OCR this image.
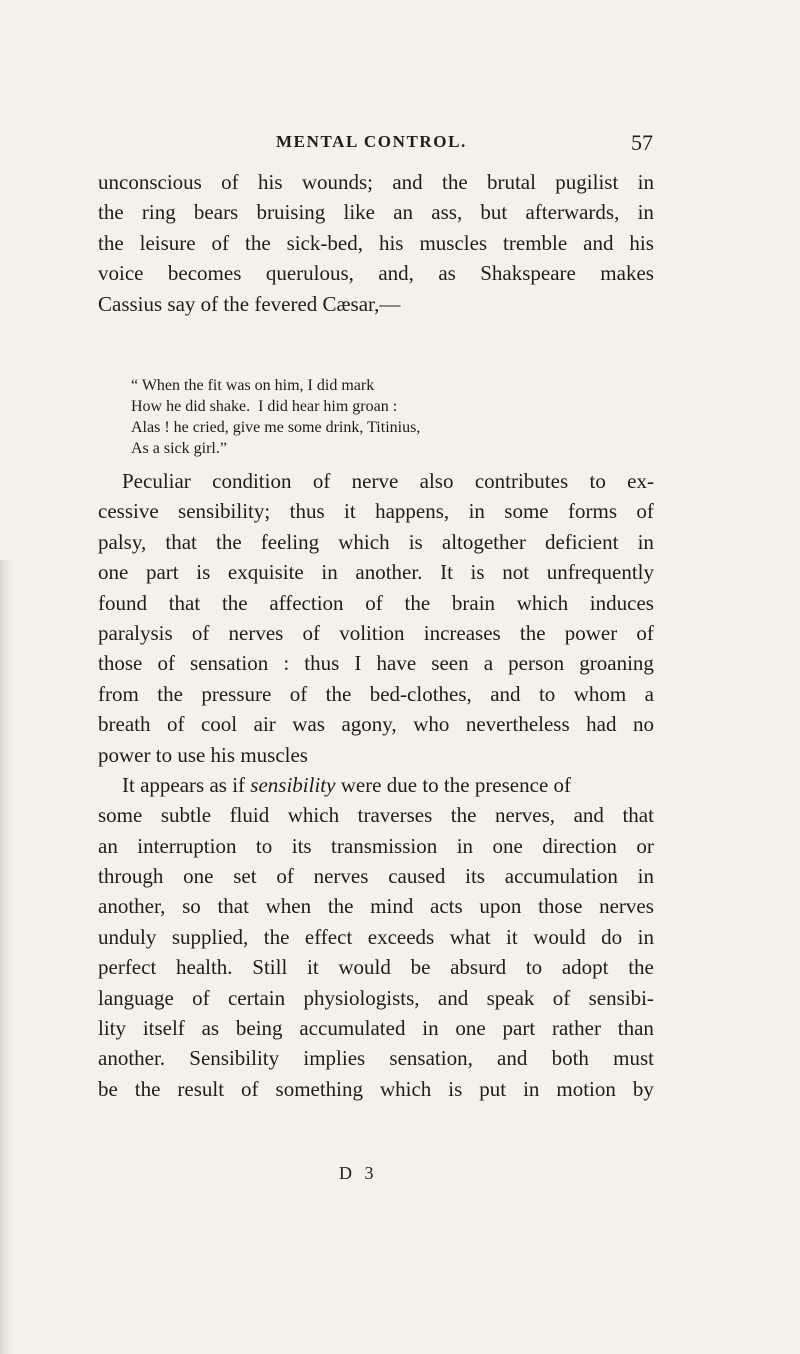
MENTAL CONTROL.	57
unconscious of his wounds; and the brutal pugilist in
the ring bears bruising like an ass, but afterwards, in
the leisure of the sick-bed, his muscles tremble and his
voice becomes querulous, and, as Shakspeare makes
Cassius say of the fevered Cæsar,—
“ When the fit was on him, I did mark
How he did shake.  I did hear him groan :
Alas ! he cried, give me some drink, Titinius,
As a sick girl.”
Peculiar condition of nerve also contributes to ex-
cessive sensibility; thus it happens, in some forms of
palsy, that the feeling which is altogether deficient in
one part is exquisite in another. It is not unfrequently
found that the affection of the brain which induces
paralysis of nerves of volition increases the power of
those of sensation : thus I have seen a person groaning
from the pressure of the bed-clothes, and to whom a
breath of cool air was agony, who nevertheless had no
power to use his muscles
It appears as if sensibility were due to the presence of
some subtle fluid which traverses the nerves, and that
an interruption to its transmission in one direction or
through one set of nerves caused its accumulation in
another, so that when the mind acts upon those nerves
unduly supplied, the effect exceeds what it would do in
perfect health. Still it would be absurd to adopt the
language of certain physiologists, and speak of sensibi-
lity itself as being accumulated in one part rather than
another. Sensibility implies sensation, and both must
be the result of something which is put in motion by
D 3
